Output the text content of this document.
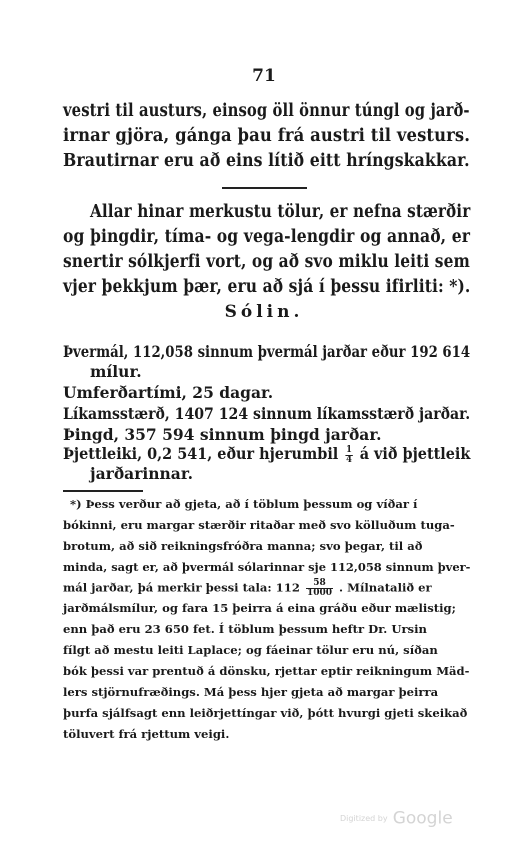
71
vestri til austurs, einsog öll önnur túngl og jarð-
irnar gjöra, gánga þau frá austri til vesturs.
Brautirnar eru að eins lítið eitt hríngskakkar.
Allar hinar merkustu tölur, er nefna stærðir
og þingdir, tíma- og vega-lengdir og annað, er
snertir sólkjerfi vort, og að svo miklu leiti sem
vjer þekkjum þær, eru að sjá í þessu ifirliti: *).
Sólin.
Þvermál, 112,058 sinnum þvermál jarðar eður 192 614
mílur.
Umferðartími, 25 dagar.
Líkamsstærð, 1407 124 sinnum líkamsstærð jarðar.
Þingd, 357 594 sinnum þingd jarðar.
Þjettleiki, 0,2 541, eður hjerumbil $\frac{1}{4}$ á við þjettleik
jarðarinnar.
*) Þess verður að gjeta, að í töblum þessum og víðar í
bókinni, eru margar stærðir ritaðar með svo kölluðum tuga-
brotum, að sið reikningsfróðra manna; svo þegar, til að
minda, sagt er, að þvermál sólarinnar sje 112,058 sinnum þver-
mál jarðar, þá merkir þessi tala: $112 \frac{58}{1000}$ . Mílnatalið er
jarðmálsmílur, og fara 15 þeirra á eina gráðu eður mælistig;
enn það eru 23 650 fet. Í töblum þessum heftr Dr. Ursin
fílgt að mestu leiti Laplace; og fáeinar tölur eru nú, síðan
bók þessi var prentuð á dönsku, rjettar eptir reikningum Mäd-
lers stjörnufræðings. Má þess hjer gjeta að margar þeirra
þurfa sjálfsagt enn leiðrjettíngar við, þótt hvurgi gjeti skeikað
töluvert frá rjettum veigi.
Digitized by Google
